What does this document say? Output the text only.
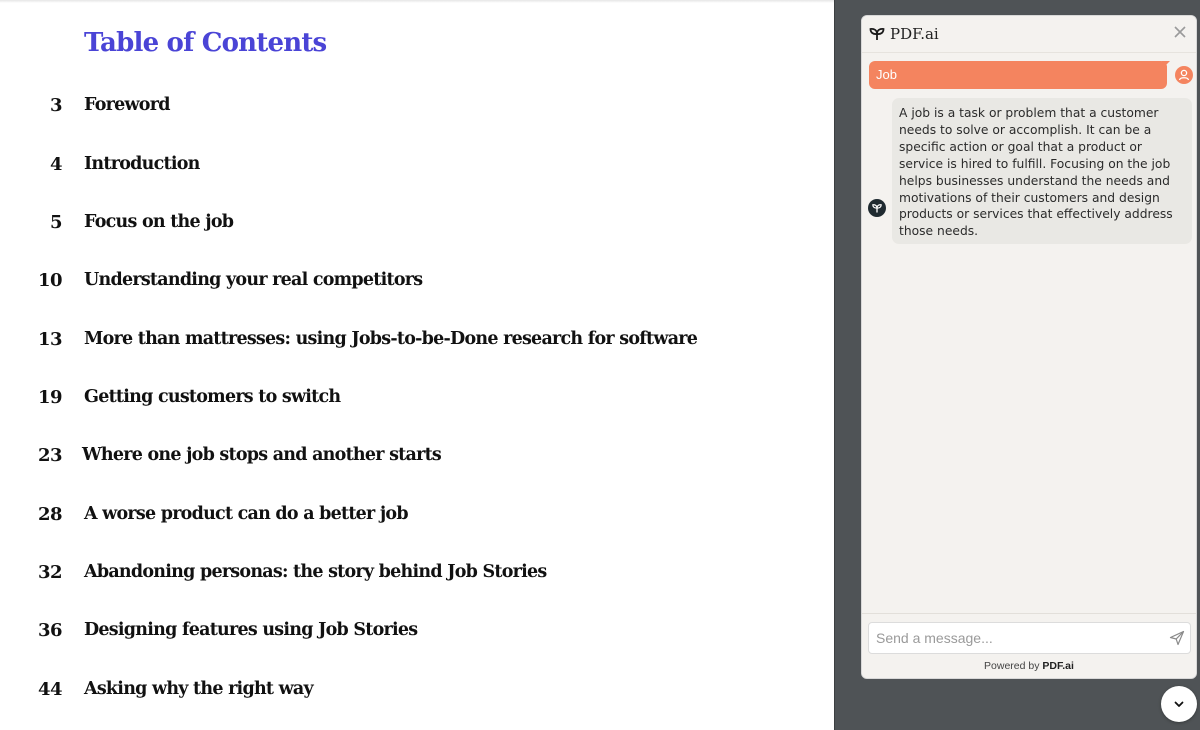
Table of Contents
3 Foreword
4 Introduction
5 Focus on the job
10 Understanding your real competitors
13 More than mattresses: using Jobs-to-be-Done research for software
19 Getting customers to switch
23 Where one job stops and another starts
28 A worse product can do a better job
32 Abandoning personas: the story behind Job Stories
36 Designing features using Job Stories
44 Asking why the right way
PDF.ai
Job
A job is a task or problem that a customer needs to solve or accomplish. It can be a specific action or goal that a product or service is hired to fulfill. Focusing on the job helps businesses understand the needs and motivations of their customers and design products or services that effectively address those needs.
Send a message...
Powered by PDF.ai
